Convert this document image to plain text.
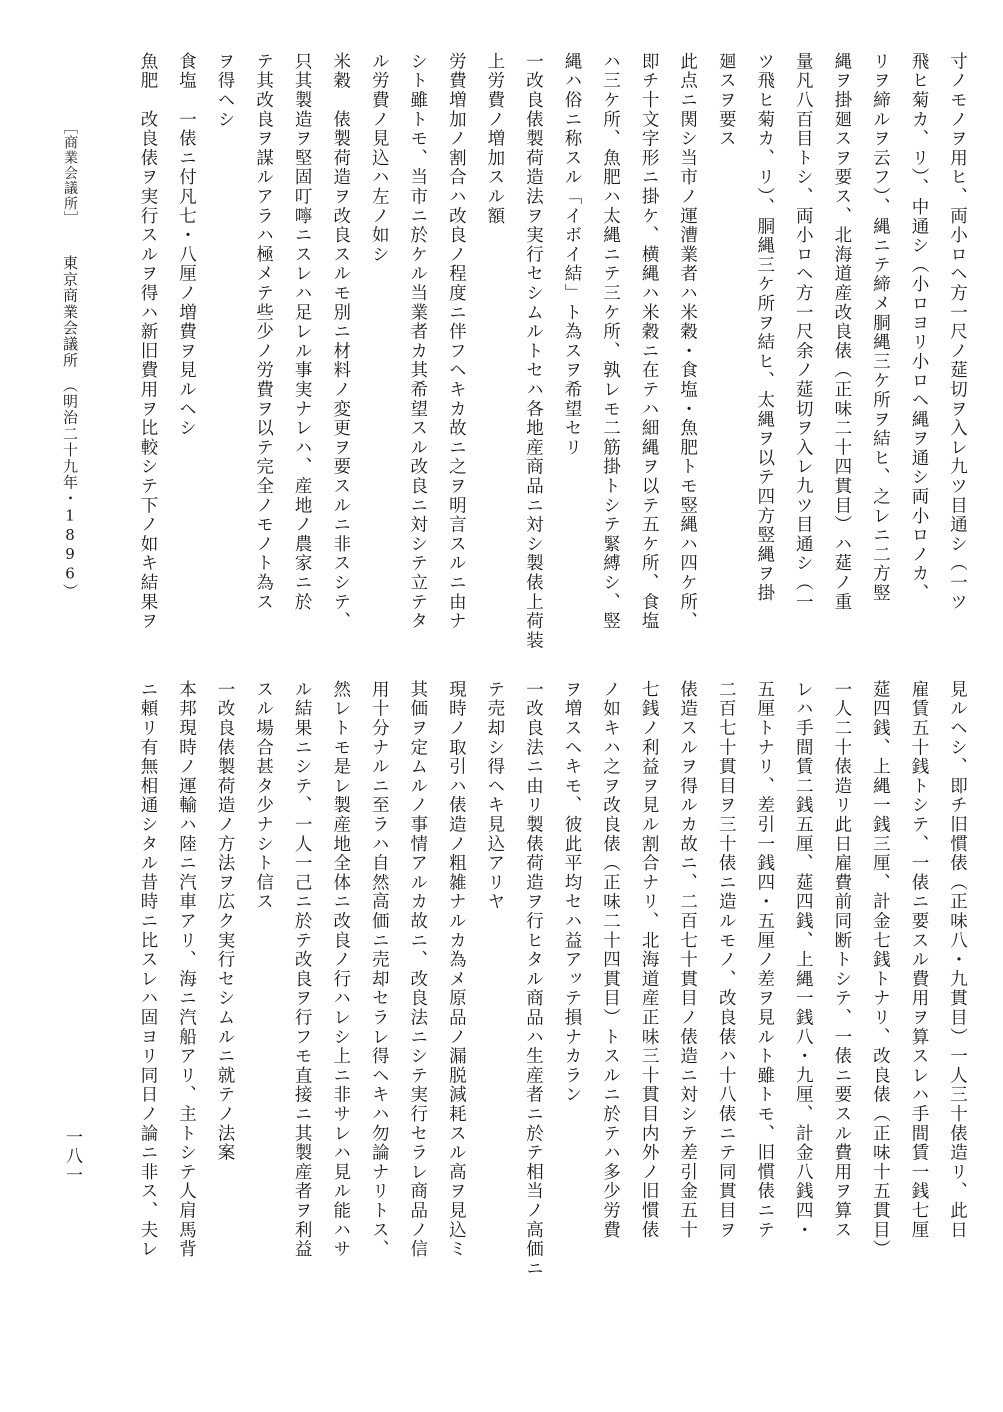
寸ノモノヲ用ヒ、両小ロヘ方一尺ノ莚切ヲ入レ九ツ目通シ（一ツ
飛ヒ菊カ、リ）、中通シ（小ロヨリ小ロヘ縄ヲ通シ両小ロノカ、
リヲ締ルヲ云フ）、縄ニテ締メ胴縄三ケ所ヲ結ヒ、之レニ二方竪
縄ヲ掛廻スヲ要ス、北海道産改良俵（正味二十四貫目）ハ莚ノ重
量凡八百目トシ、両小ロヘ方一尺余ノ莚切ヲ入レ九ツ目通シ（一
ツ飛ヒ菊カ、リ）、胴縄三ケ所ヲ結ヒ、太縄ヲ以テ四方竪縄ヲ掛
廻スヲ要ス
此点ニ関シ当市ノ運漕業者ハ米穀・食塩・魚肥トモ竪縄ハ四ケ所、
即チ十文字形ニ掛ケ、横縄ハ米穀ニ在テハ細縄ヲ以テ五ケ所、食塩
ハ三ケ所、魚肥ハ太縄ニテ三ケ所、孰レモ二筋掛トシテ緊縛シ、竪
縄ハ俗ニ称スル「イボイ結」ト為スヲ希望セリ
一改良俵製荷造法ヲ実行セシムルトセハ各地産商品ニ対シ製俵上荷装
上労費ノ増加スル額
労費増加ノ割合ハ改良ノ程度ニ伴フヘキカ故ニ之ヲ明言スルニ由ナ
シト雖トモ、当市ニ於ケル当業者カ其希望スル改良ニ対シテ立テタ
ル労費ノ見込ハ左ノ如シ
米穀　俵製荷造ヲ改良スルモ別ニ材料ノ変更ヲ要スルニ非スシテ、
只其製造ヲ堅固叮嚀ニスレハ足レル事実ナレハ、産地ノ農家ニ於
テ其改良ヲ謀ルアラハ極メテ些少ノ労費ヲ以テ完全ノモノト為ス
ヲ得ヘシ
食塩　一俵ニ付凡七・八厘ノ増費ヲ見ルヘシ
魚肥　改良俵ヲ実行スルヲ得ハ新旧費用ヲ比較シテ下ノ如キ結果ヲ
見ルヘシ、即チ旧慣俵（正味八・九貫目）一人三十俵造リ、此日
雇賃五十銭トシテ、一俵ニ要スル費用ヲ算スレハ手間賃一銭七厘
莚四銭、上縄一銭三厘、計金七銭トナリ、改良俵（正味十五貫目）
一人二十俵造リ此日雇費前同断トシテ、一俵ニ要スル費用ヲ算ス
レハ手間賃二銭五厘、莚四銭、上縄一銭八・九厘、計金八銭四・
五厘トナリ、差引一銭四・五厘ノ差ヲ見ルト雖トモ、旧慣俵ニテ
二百七十貫目ヲ三十俵ニ造ルモノ、改良俵ハ十八俵ニテ同貫目ヲ
俵造スルヲ得ルカ故ニ、二百七十貫目ノ俵造ニ対シテ差引金五十
七銭ノ利益ヲ見ル割合ナリ、北海道産正味三十貫目内外ノ旧慣俵
ノ如キハ之ヲ改良俵（正味二十四貫目）トスルニ於テハ多少労費
ヲ増スヘキモ、彼此平均セハ益アッテ損ナカラン
一改良法ニ由リ製俵荷造ヲ行ヒタル商品ハ生産者ニ於テ相当ノ高価ニ
テ売却シ得ヘキ見込アリヤ
現時ノ取引ハ俵造ノ粗雑ナルカ為メ原品ノ漏脱減耗スル高ヲ見込ミ
其価ヲ定ムルノ事情アルカ故ニ、改良法ニシテ実行セラレ商品ノ信
用十分ナルニ至ラハ自然高価ニ売却セラレ得ヘキハ勿論ナリトス、
然レトモ是レ製産地全体ニ改良ノ行ハレシ上ニ非サレハ見ル能ハサ
ル結果ニシテ、一人一己ニ於テ改良ヲ行フモ直接ニ其製産者ヲ利益
スル場合甚タ少ナシト信ス
一改良俵製荷造ノ方法ヲ広ク実行セシムルニ就テノ法案
本邦現時ノ運輸ハ陸ニ汽車アリ、海ニ汽船アリ、主トシテ人肩馬背
ニ頼リ有無相通シタル昔時ニ比スレハ固ヨリ同日ノ論ニ非ス、夫レ
［商業会議所］
東京商業会議所　（明治二十九年・1896）
一八一
